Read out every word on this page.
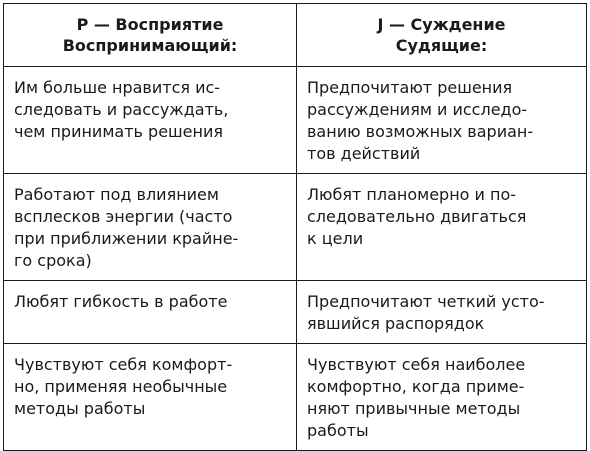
Р — Восприятие
Воспринимающий:	J — Суждение
Судящие:

Им больше нравится ис-
следовать и рассуждать,
чем принимать решения	Предпочитают решения
рассуждениям и исследо-
ванию возможных вариан-
тов действий

Работают под влиянием
всплесков энергии (часто
при приближении крайне-
го срока)	Любят планомерно и по-
следовательно двигаться
к цели

Любят гибкость в работе	Предпочитают четкий усто-
явшийся распорядок

Чувствуют себя комфорт-
но, применяя необычные
методы работы	Чувствуют себя наиболее
комфортно, когда приме-
няют привычные методы
работы
